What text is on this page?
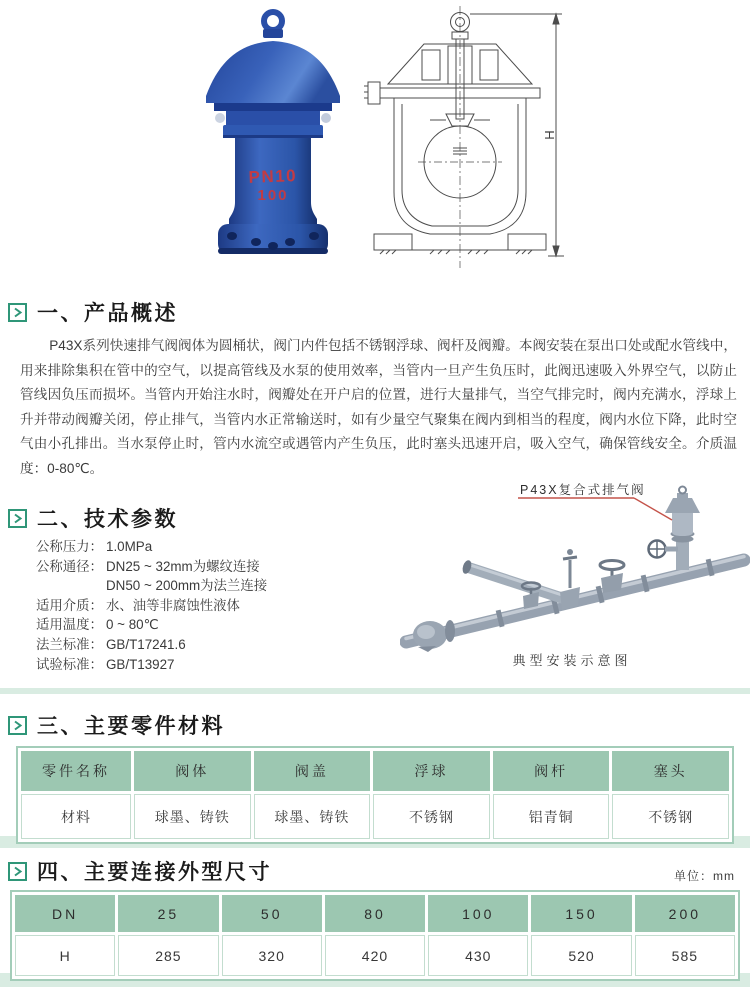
PN10
100
H
一、产品概述
P43X系列快速排气阀阀体为圆桶状，阀门内件包括不锈钢浮球、阀杆及阀瓣。本阀安装在泵出口处或配水管线中，用来排除集积在管中的空气，以提高管线及水泵的使用效率，当管内一旦产生负压时，此阀迅速吸入外界空气，以防止管线因负压而损坏。当管内开始注水时，阀瓣处在开户启的位置，进行大量排气，当空气排完时，阀内充满水，浮球上升并带动阀瓣关闭，停止排气，当管内水正常输送时，如有少量空气聚集在阀内到相当的程度，阀内水位下降，此时空气由小孔排出。当水泵停止时，管内水流空或遇管内产生负压，此时塞头迅速开启，吸入空气，确保管线安全。介质温度：0-80℃。
二、技术参数
公称压力： 1.0MPa
公称通径： DN25 ~ 32mm为螺纹连接
DN50 ~ 200mm为法兰连接
适用介质： 水、油等非腐蚀性液体
适用温度： 0 ~ 80℃
法兰标准： GB/T17241.6
试验标准： GB/T13927
P43X复合式排气阀
典型安装示意图
三、主要零件材料
零件名称	阀体	阀盖	浮球	阀杆	塞头
材料	球墨、铸铁	球墨、铸铁	不锈钢	铝青铜	不锈钢
四、主要连接外型尺寸	单位：mm
DN	25	50	80	100	150	200
H	285	320	420	430	520	585
